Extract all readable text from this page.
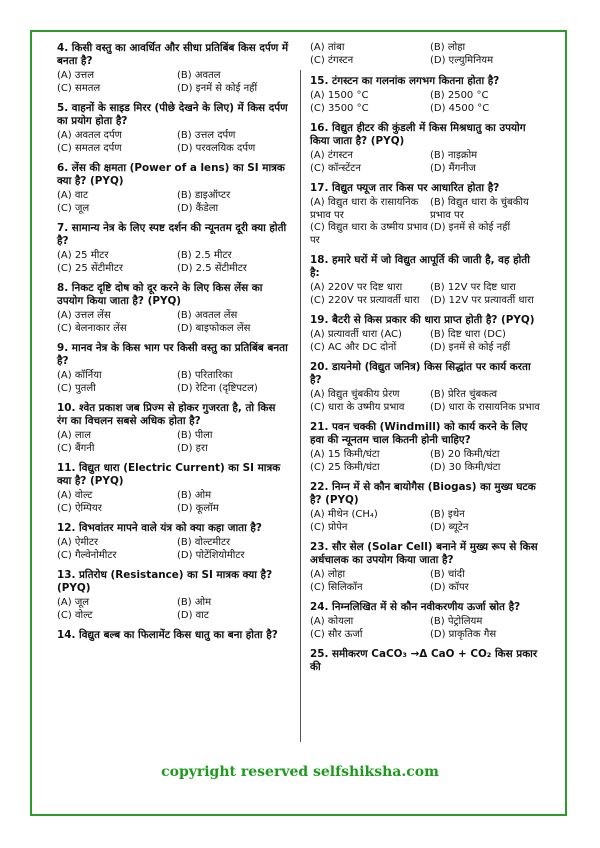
4. किसी वस्तु का आवर्धित और सीधा प्रतिबिंब किस दर्पण में बनता है?
(A) उत्तल	(B) अवतल
(C) समतल	(D) इनमें से कोई नहीं
5. वाहनों के साइड मिरर (पीछे देखने के लिए) में किस दर्पण का प्रयोग होता है?
(A) अवतल दर्पण	(B) उत्तल दर्पण
(C) समतल दर्पण	(D) परवलयिक दर्पण
6. लेंस की क्षमता (Power of a lens) का SI मात्रक क्या है? (PYQ)
(A) वाट	(B) डाइऑप्टर
(C) जूल	(D) कैंडेला
7. सामान्य नेत्र के लिए स्पष्ट दर्शन की न्यूनतम दूरी क्या होती है?
(A) 25 मीटर	(B) 2.5 मीटर
(C) 25 सेंटीमीटर	(D) 2.5 सेंटीमीटर
8. निकट दृष्टि दोष को दूर करने के लिए किस लेंस का उपयोग किया जाता है? (PYQ)
(A) उत्तल लेंस	(B) अवतल लेंस
(C) बेलनाकार लेंस	(D) बाइफोकल लेंस
9. मानव नेत्र के किस भाग पर किसी वस्तु का प्रतिबिंब बनता है?
(A) कॉर्निया	(B) परितारिका
(C) पुतली	(D) रेटिना (दृष्टिपटल)
10. श्वेत प्रकाश जब प्रिज्म से होकर गुजरता है, तो किस रंग का विचलन सबसे अधिक होता है?
(A) लाल	(B) पीला
(C) बैंगनी	(D) हरा
11. विद्युत धारा (Electric Current) का SI मात्रक क्या है? (PYQ)
(A) वोल्ट	(B) ओम
(C) ऐम्पियर	(D) कूलॉम
12. विभवांतर मापने वाले यंत्र को क्या कहा जाता है?
(A) ऐमीटर	(B) वोल्टमीटर
(C) गैल्वेनोमीटर	(D) पोटेंशियोमीटर
13. प्रतिरोध (Resistance) का SI मात्रक क्या है? (PYQ)
(A) जूल	(B) ओम
(C) वोल्ट	(D) वाट
14. विद्युत बल्ब का फिलामेंट किस धातु का बना होता है?
(A) तांबा	(B) लोहा
(C) टंगस्टन	(D) एल्युमिनियम
15. टंगस्टन का गलनांक लगभग कितना होता है?
(A) 1500 °C	(B) 2500 °C
(C) 3500 °C	(D) 4500 °C
16. विद्युत हीटर की कुंडली में किस मिश्रधातु का उपयोग किया जाता है? (PYQ)
(A) टंगस्टन	(B) नाइक्रोम
(C) कॉन्स्टेंटन	(D) मैंगनीज
17. विद्युत फ्यूज तार किस पर आधारित होता है?
(A) विद्युत धारा के रासायनिक प्रभाव पर
(B) विद्युत धारा के चुंबकीय प्रभाव पर
(C) विद्युत धारा के उष्मीय प्रभाव पर
(D) इनमें से कोई नहीं
18. हमारे घरों में जो विद्युत आपूर्ति की जाती है, वह होती है:
(A) 220V पर दिष्ट धारा	(B) 12V पर दिष्ट धारा
(C) 220V पर प्रत्यावर्ती धारा	(D) 12V पर प्रत्यावर्ती धारा
19. बैटरी से किस प्रकार की धारा प्राप्त होती है? (PYQ)
(A) प्रत्यावर्ती धारा (AC)	(B) दिष्ट धारा (DC)
(C) AC और DC दोनों	(D) इनमें से कोई नहीं
20. डायनेमो (विद्युत जनित्र) किस सिद्धांत पर कार्य करता है?
(A) विद्युत चुंबकीय प्रेरण	(B) प्रेरित चुंबकत्व
(C) धारा के उष्मीय प्रभाव	(D) धारा के रासायनिक प्रभाव
21. पवन चक्की (Windmill) को कार्य करने के लिए हवा की न्यूनतम चाल कितनी होनी चाहिए?
(A) 15 किमी/घंटा	(B) 20 किमी/घंटा
(C) 25 किमी/घंटा	(D) 30 किमी/घंटा
22. निम्न में से कौन बायोगैस (Biogas) का मुख्य घटक है? (PYQ)
(A) मीथेन (CH₄)	(B) इथेन
(C) प्रोपेन	(D) ब्यूटेन
23. सौर सेल (Solar Cell) बनाने में मुख्य रूप से किस अर्धचालक का उपयोग किया जाता है?
(A) लोहा	(B) चांदी
(C) सिलिकॉन	(D) कॉपर
24. निम्नलिखित में से कौन नवीकरणीय ऊर्जा स्रोत है?
(A) कोयला	(B) पेट्रोलियम
(C) सौर ऊर्जा	(D) प्राकृतिक गैस
25. समीकरण CaCO₃ →Δ CaO + CO₂ किस प्रकार की
copyright reserved selfshiksha.com
